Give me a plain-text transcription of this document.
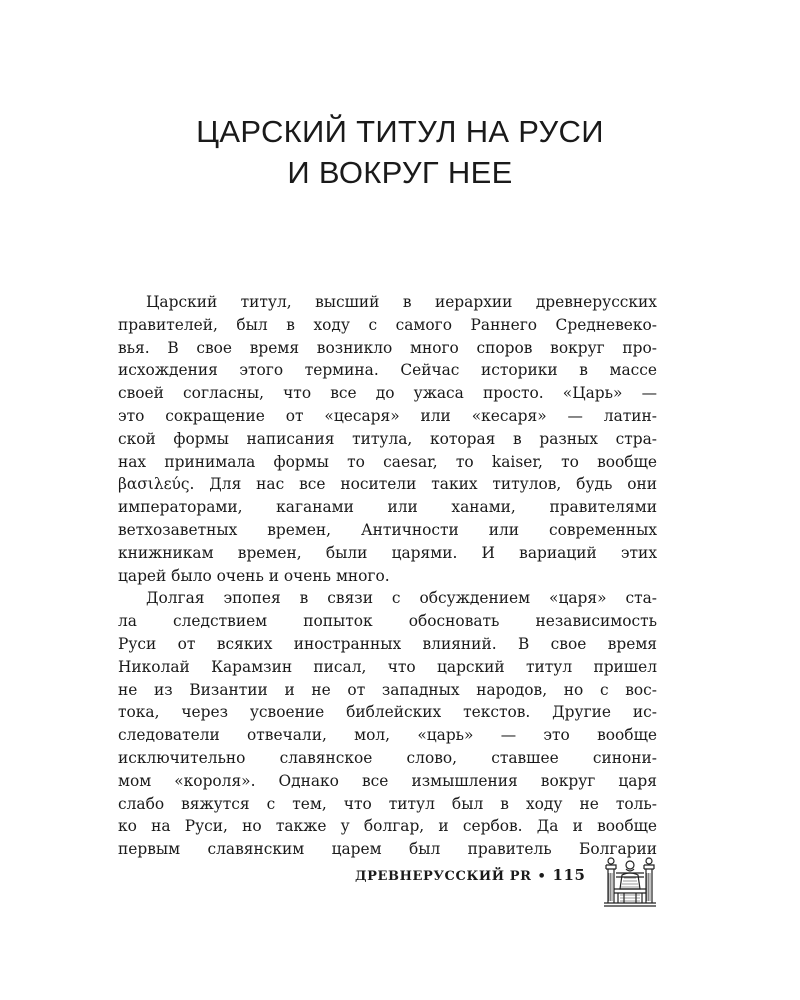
ЦАРСКИЙ ТИТУЛ НА РУСИ
И ВОКРУГ НЕЕ
Царский титул, высший в иерархии древнерусских
правителей, был в ходу с самого Раннего Средневеко-
вья. В свое время возникло много споров вокруг про-
исхождения этого термина. Сейчас историки в массе
своей согласны, что все до ужаса просто. «Царь» —
это сокращение от «цесаря» или «кесаря» — латин-
ской формы написания титула, которая в разных стра-
нах принимала формы то caesar, то kaiser, то вообще
βασιλεύς. Для нас все носители таких титулов, будь они
императорами, каганами или ханами, правителями
ветхозаветных времен, Античности или современных
книжникам времен, были царями. И вариаций этих
царей было очень и очень много.
Долгая эпопея в связи с обсуждением «царя» ста-
ла следствием попыток обосновать независимость
Руси от всяких иностранных влияний. В свое время
Николай Карамзин писал, что царский титул пришел
не из Византии и не от западных народов, но с вос-
тока, через усвоение библейских текстов. Другие ис-
следователи отвечали, мол, «царь» — это вообще
исключительно славянское слово, ставшее синони-
мом «короля». Однако все измышления вокруг царя
слабо вяжутся с тем, что титул был в ходу не толь-
ко на Руси, но также у болгар, и сербов. Да и вообще
первым славянским царем был правитель Болгарии
ДРЕВНЕРУССКИЙ PR • 115
